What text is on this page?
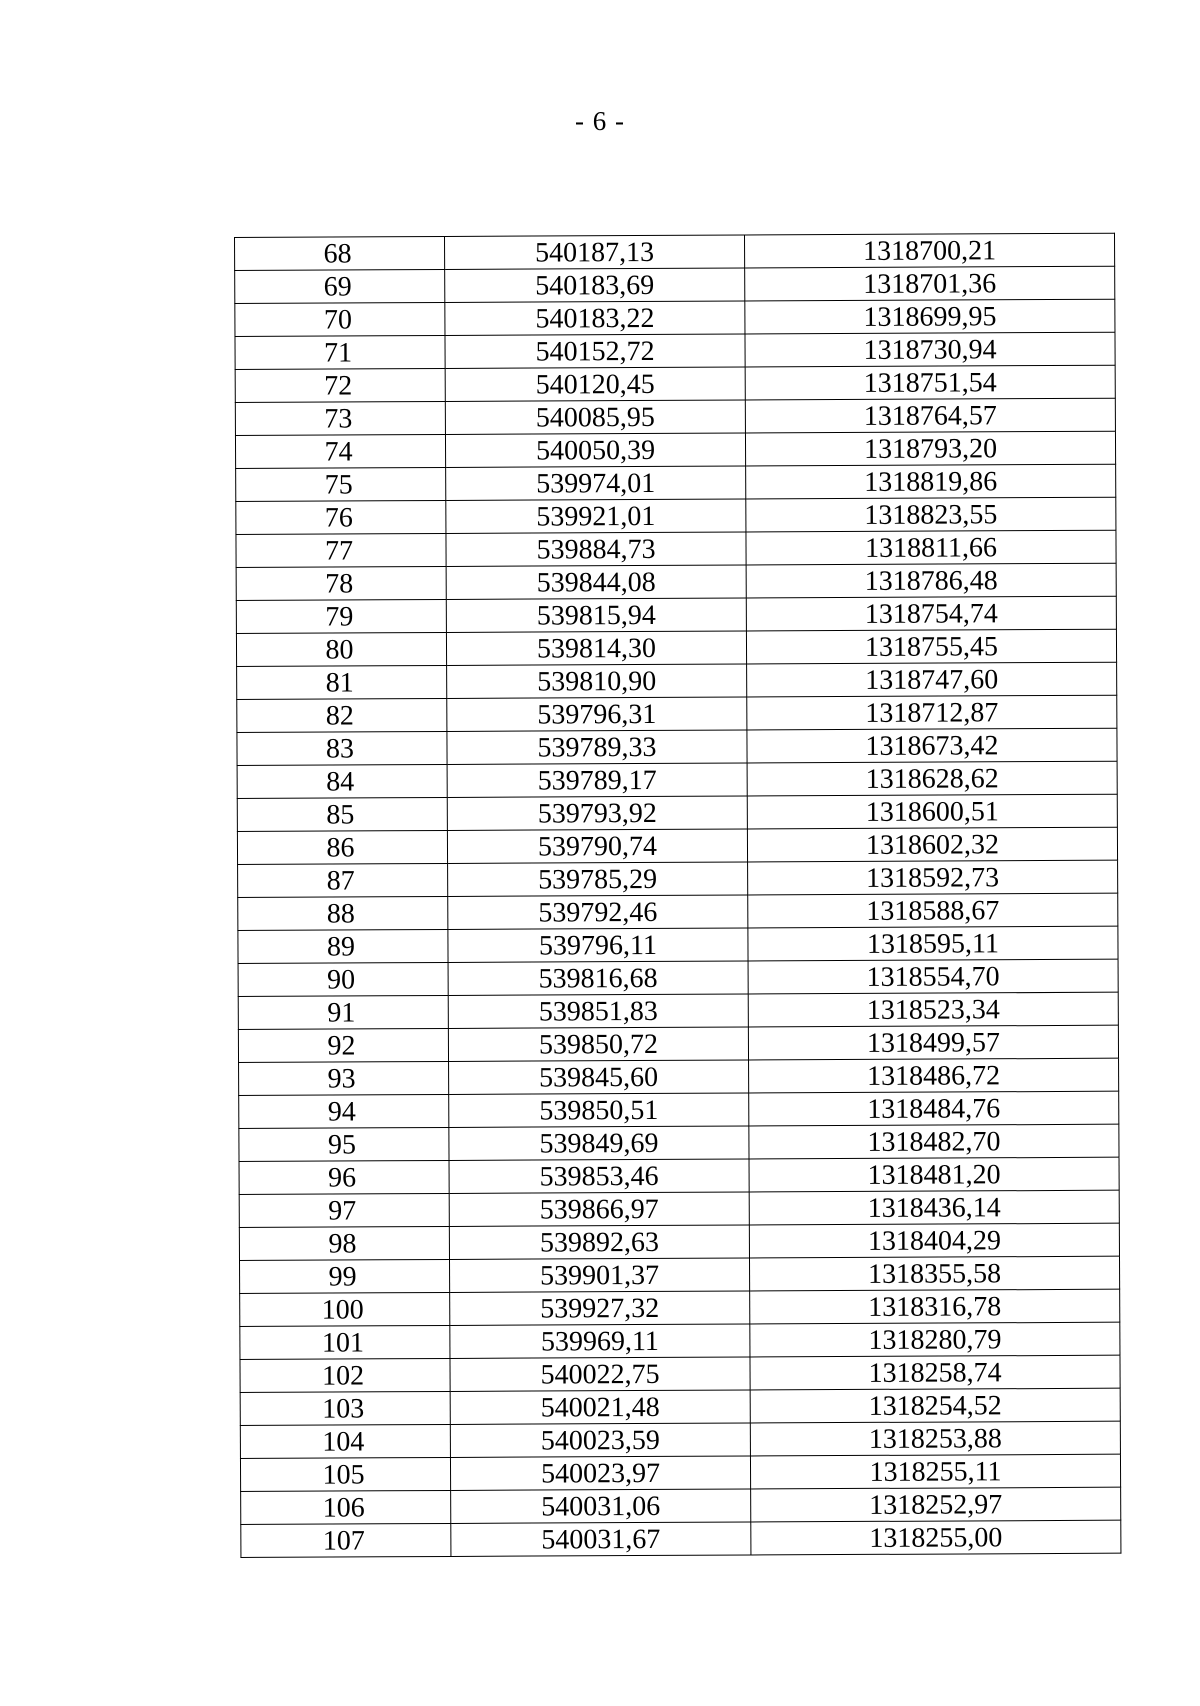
- 6 -
68	540187,13	1318700,21
69	540183,69	1318701,36
70	540183,22	1318699,95
71	540152,72	1318730,94
72	540120,45	1318751,54
73	540085,95	1318764,57
74	540050,39	1318793,20
75	539974,01	1318819,86
76	539921,01	1318823,55
77	539884,73	1318811,66
78	539844,08	1318786,48
79	539815,94	1318754,74
80	539814,30	1318755,45
81	539810,90	1318747,60
82	539796,31	1318712,87
83	539789,33	1318673,42
84	539789,17	1318628,62
85	539793,92	1318600,51
86	539790,74	1318602,32
87	539785,29	1318592,73
88	539792,46	1318588,67
89	539796,11	1318595,11
90	539816,68	1318554,70
91	539851,83	1318523,34
92	539850,72	1318499,57
93	539845,60	1318486,72
94	539850,51	1318484,76
95	539849,69	1318482,70
96	539853,46	1318481,20
97	539866,97	1318436,14
98	539892,63	1318404,29
99	539901,37	1318355,58
100	539927,32	1318316,78
101	539969,11	1318280,79
102	540022,75	1318258,74
103	540021,48	1318254,52
104	540023,59	1318253,88
105	540023,97	1318255,11
106	540031,06	1318252,97
107	540031,67	1318255,00
